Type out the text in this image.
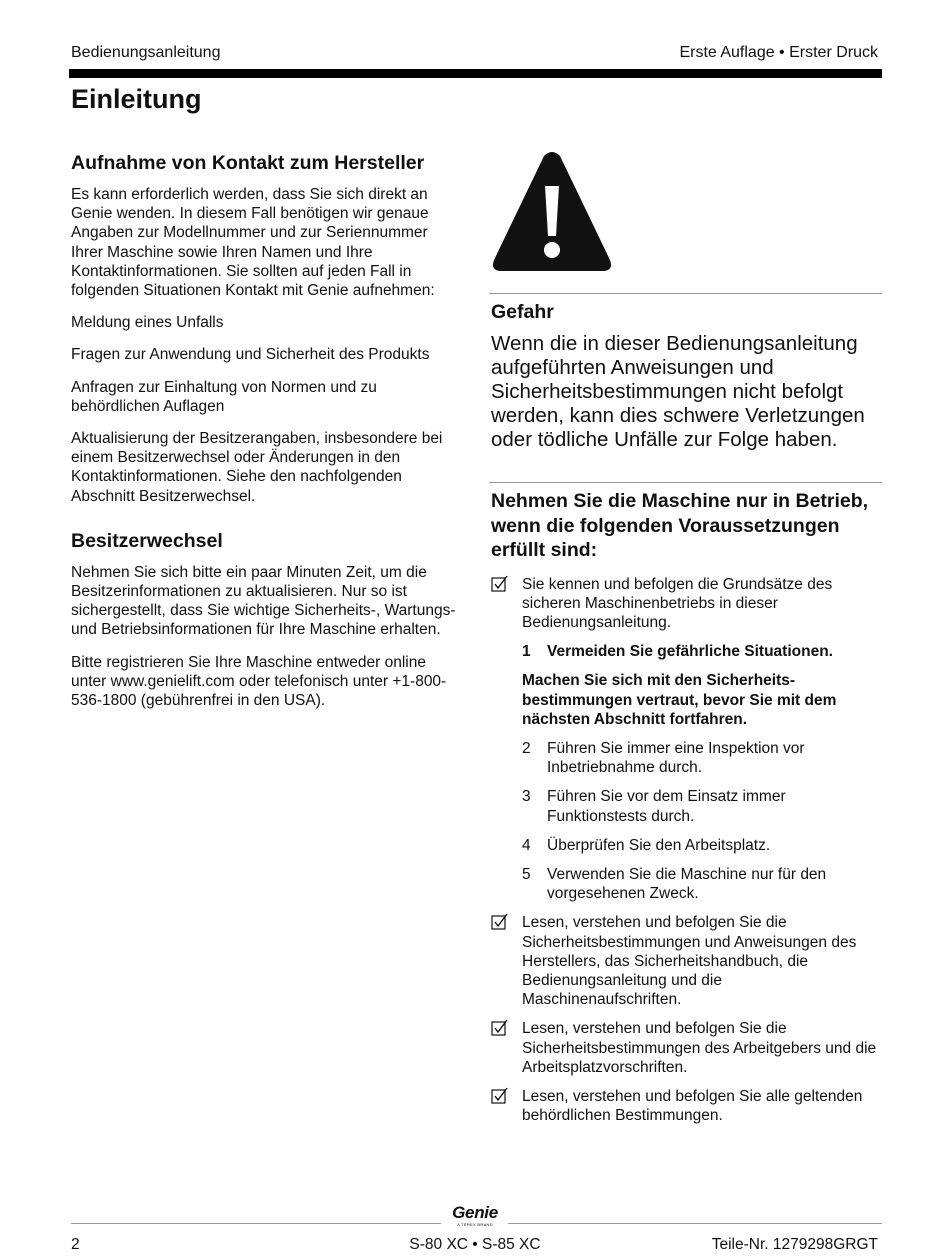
Bedienungsanleitung	Erste Auflage • Erster Druck
Einleitung
Aufnahme von Kontakt zum Hersteller

Es kann erforderlich werden, dass Sie sich direkt an Genie wenden. In diesem Fall benötigen wir genaue Angaben zur Modellnummer und zur Seriennummer Ihrer Maschine sowie Ihren Namen und Ihre Kontaktinformationen. Sie sollten auf jeden Fall in folgenden Situationen Kontakt mit Genie aufnehmen:

Meldung eines Unfalls

Fragen zur Anwendung und Sicherheit des Produkts

Anfragen zur Einhaltung von Normen und zu behördlichen Auflagen

Aktualisierung der Besitzerangaben, insbesondere bei einem Besitzerwechsel oder Änderungen in den Kontaktinformationen. Siehe den nachfolgenden Abschnitt Besitzerwechsel.

Besitzerwechsel

Nehmen Sie sich bitte ein paar Minuten Zeit, um die Besitzerinformationen zu aktualisieren. Nur so ist sichergestellt, dass Sie wichtige Sicherheits-, Wartungs- und Betriebsinformationen für Ihre Maschine erhalten.

Bitte registrieren Sie Ihre Maschine entweder online unter www.genielift.com oder telefonisch unter +1-800-536-1800 (gebührenfrei in den USA).

Gefahr
Wenn die in dieser Bedienungsanleitung aufgeführten Anweisungen und Sicherheitsbestimmungen nicht befolgt werden, kann dies schwere Verletzungen oder tödliche Unfälle zur Folge haben.
Nehmen Sie die Maschine nur in Betrieb, wenn die folgenden Voraussetzungen erfüllt sind:
Sie kennen und befolgen die Grundsätze des sicheren Maschinenbetriebs in dieser Bedienungsanleitung.
1	Vermeiden Sie gefährliche Situationen.
Machen Sie sich mit den Sicherheits-bestimmungen vertraut, bevor Sie mit dem nächsten Abschnitt fortfahren.
2	Führen Sie immer eine Inspektion vor Inbetriebnahme durch.
3	Führen Sie vor dem Einsatz immer Funktionstests durch.
4	Überprüfen Sie den Arbeitsplatz.
5	Verwenden Sie die Maschine nur für den vorgesehenen Zweck.
Lesen, verstehen und befolgen Sie die Sicherheitsbestimmungen und Anweisungen des Herstellers, das Sicherheitshandbuch, die Bedienungsanleitung und die Maschinenaufschriften.
Lesen, verstehen und befolgen Sie die Sicherheitsbestimmungen des Arbeitgebers und die Arbeitsplatzvorschriften.
Lesen, verstehen und befolgen Sie alle geltenden behördlichen Bestimmungen.
Genie
A TEREX BRAND
2	S-80 XC • S-85 XC	Teile-Nr. 1279298GRGT
